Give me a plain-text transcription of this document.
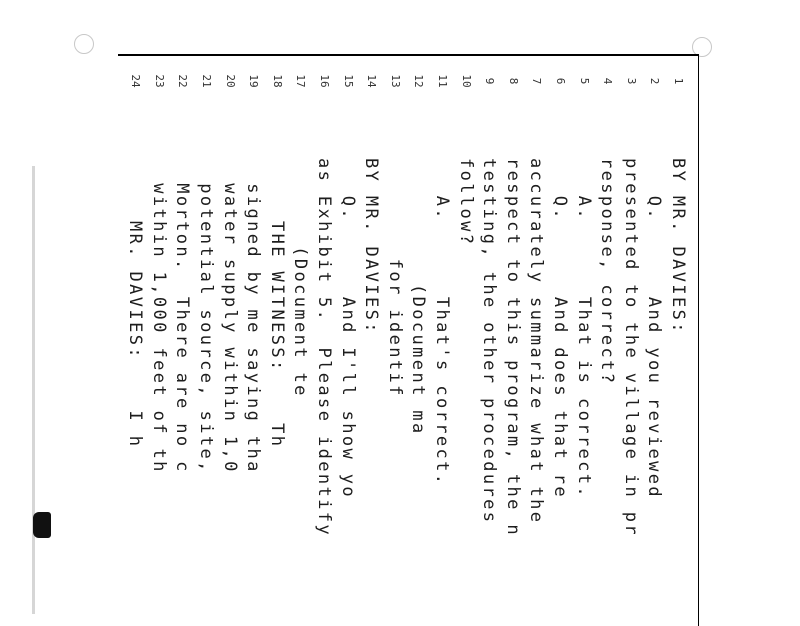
1
BY MR. DAVIES:
2
Q.      And you reviewed
3
presented to the village in pr
4
response, correct?
5
A.      That is correct.
6
Q.      And does that re
7
accurately summarize what the
8
respect to this program, the n
9
testing, the other procedures
10
follow?
11
A.      That's correct.
12
(Document ma
13
for identif
14
BY MR. DAVIES:
15
Q.      And I'll show yo
16
as Exhibit 5.  Please identify
17
(Document te
18
THE WITNESS:    Th
19
signed by me saying tha
20
water supply within 1,0
21
potential source, site,
22
Morton.  There are no c
23
within 1,000 feet of th
24
MR. DAVIES:    I h
